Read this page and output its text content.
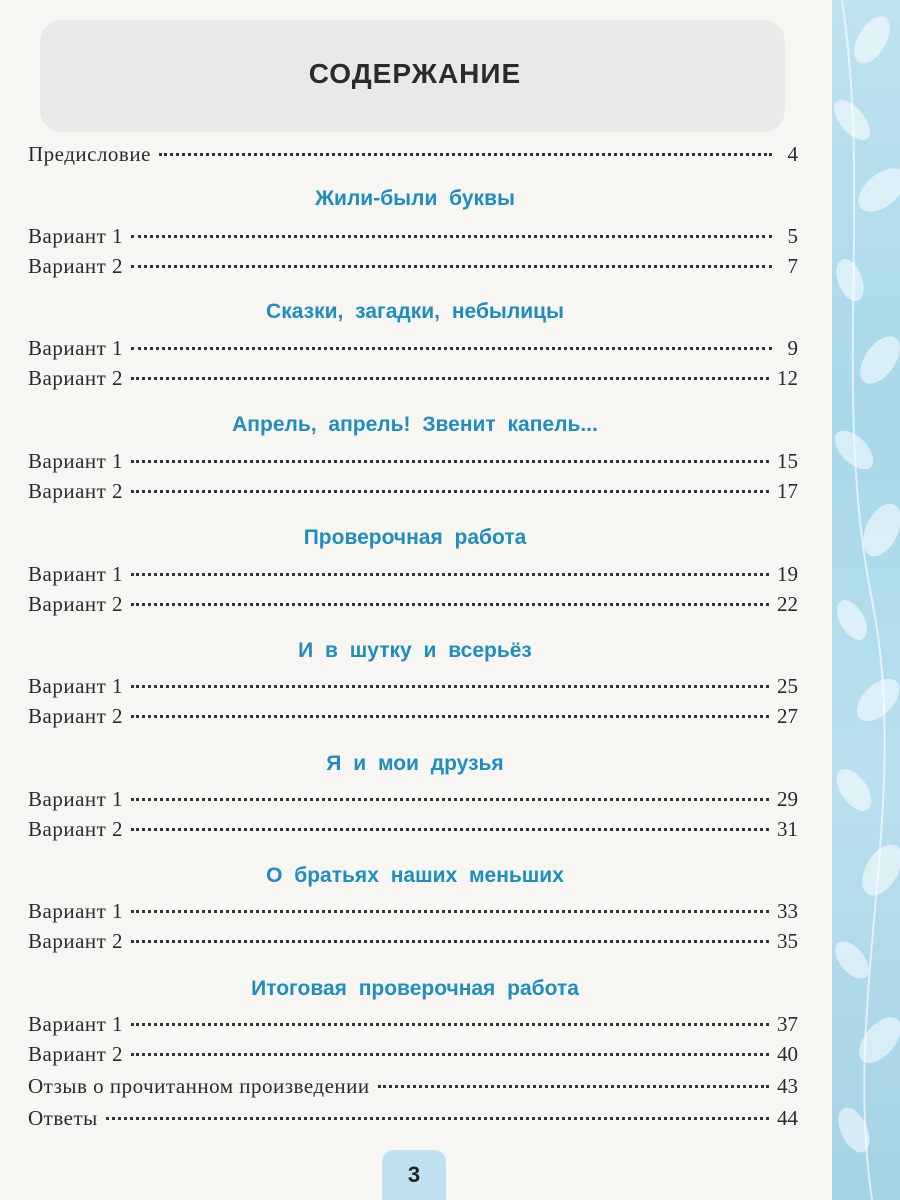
СОДЕРЖАНИЕ
Предисловие	4
Жили-были буквы
Вариант 1	5
Вариант 2	7
Сказки, загадки, небылицы
Вариант 1	9
Вариант 2	12
Апрель, апрель! Звенит капель...
Вариант 1	15
Вариант 2	17
Проверочная работа
Вариант 1	19
Вариант 2	22
И в шутку и всерьёз
Вариант 1	25
Вариант 2	27
Я и мои друзья
Вариант 1	29
Вариант 2	31
О братьях наших меньших
Вариант 1	33
Вариант 2	35
Итоговая проверочная работа
Вариант 1	37
Вариант 2	40
Отзыв о прочитанном произведении	43
Ответы	44
3
